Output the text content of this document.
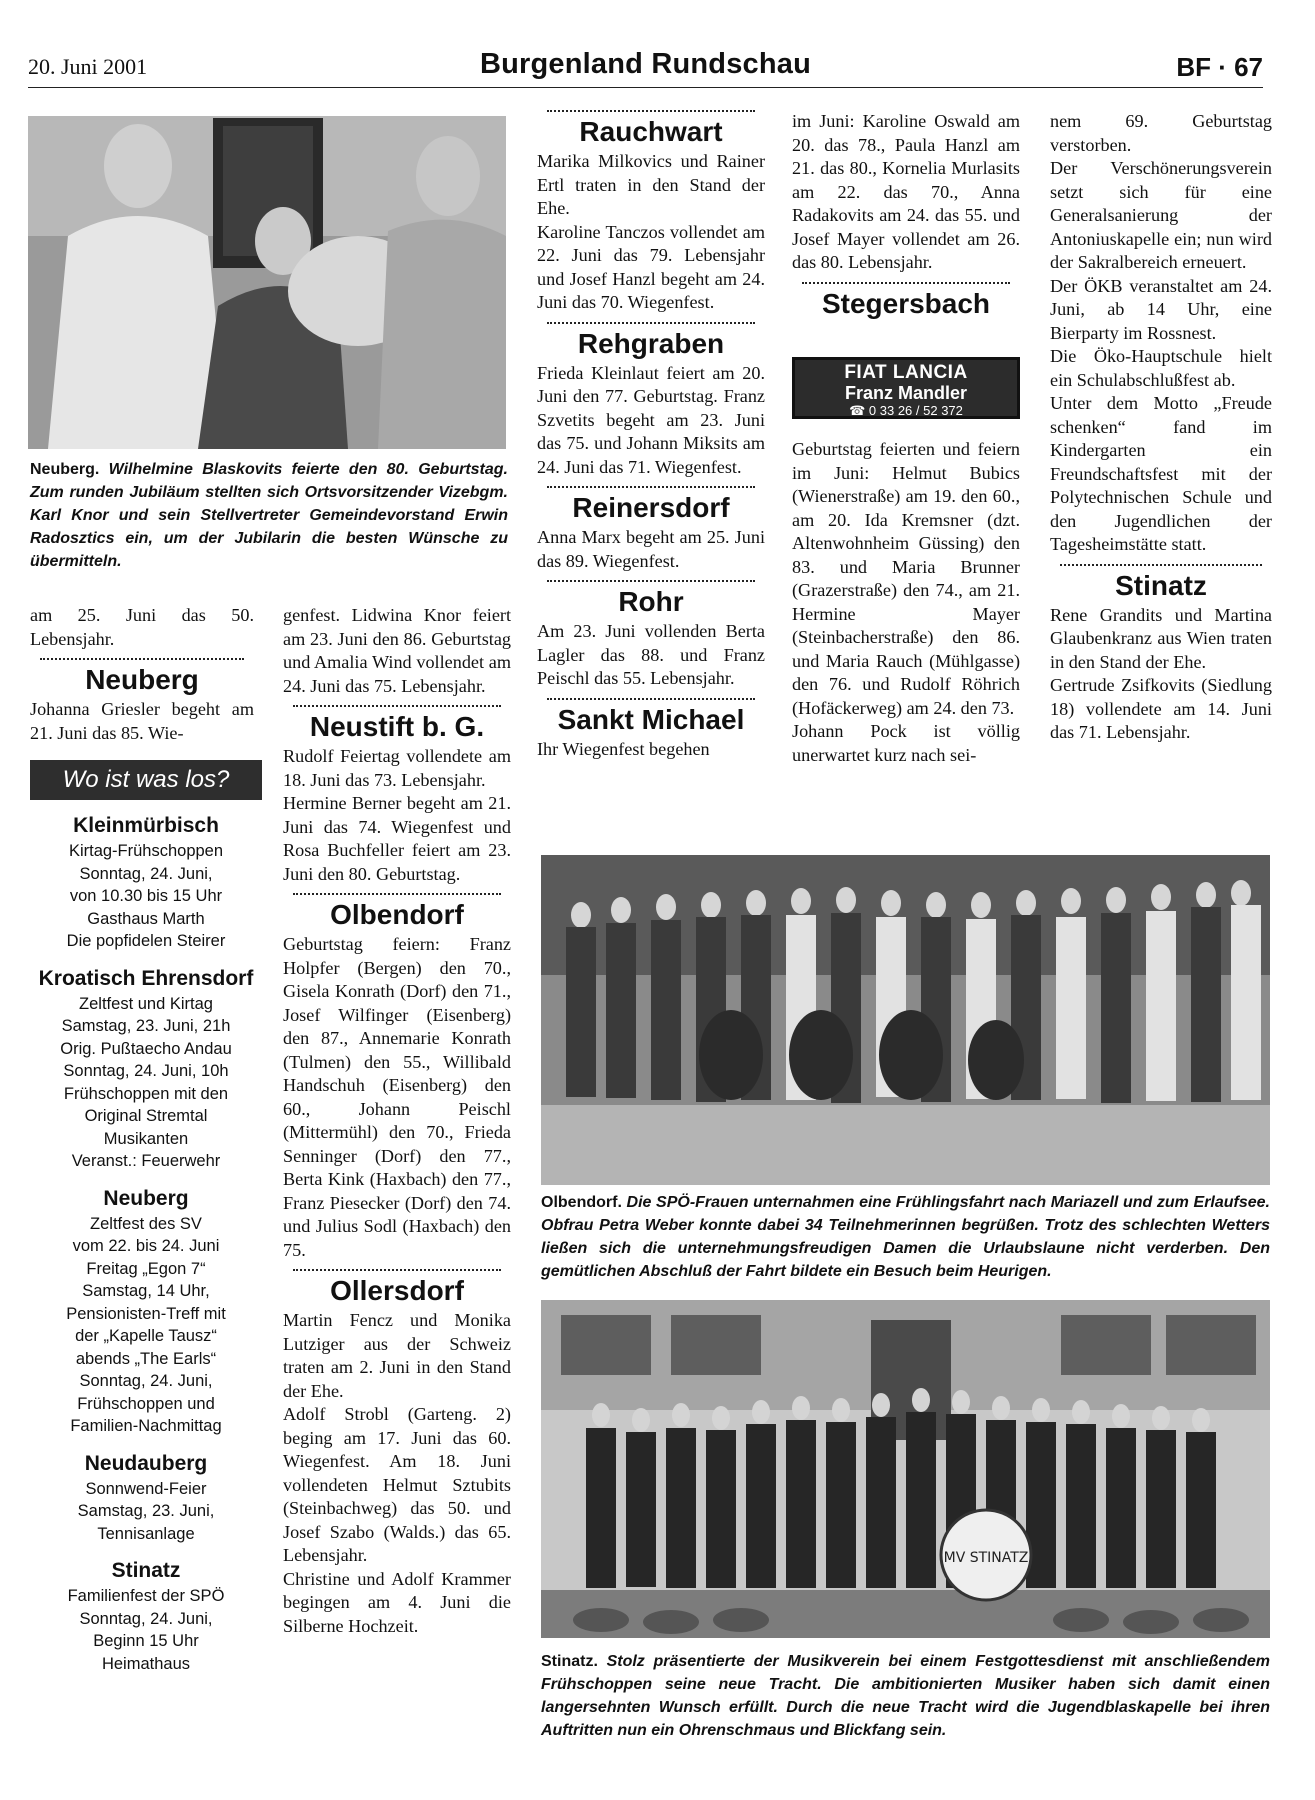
20. Juni 2001	Burgenland Rundschau	BF · 67
Neuberg. Wilhelmine Blaskovits feierte den 80. Geburtstag. Zum runden Jubiläum stellten sich Ortsvorsitzender Vizebgm. Karl Knor und sein Stellvertreter Gemeindevorstand Erwin Radosztics ein, um der Jubilarin die besten Wünsche zu übermitteln.

am 25. Juni das 50. Lebensjahr.

Neuberg

Johanna Griesler begeht am 21. Juni das 85. Wie-

Wo ist was los?
Kleinmürbisch
Kirtag-Frühschoppen
Sonntag, 24. Juni,
von 10.30 bis 15 Uhr
Gasthaus Marth
Die popfidelen Steirer
Kroatisch Ehrensdorf
Zeltfest und Kirtag
Samstag, 23. Juni, 21h
Orig. Pußtaecho Andau
Sonntag, 24. Juni, 10h
Frühschoppen mit den
Original Stremtal
Musikanten
Veranst.: Feuerwehr
Neuberg
Zeltfest des SV
vom 22. bis 24. Juni
Freitag „Egon 7“
Samstag, 14 Uhr,
Pensionisten-Treff mit
der „Kapelle Tausz“
abends „The Earls“
Sonntag, 24. Juni,
Frühschoppen und
Familien-Nachmittag
Neudauberg
Sonnwend-Feier
Samstag, 23. Juni,
Tennisanlage
Stinatz
Familienfest der SPÖ
Sonntag, 24. Juni,
Beginn 15 Uhr
Heimathaus

genfest. Lidwina Knor feiert am 23. Juni den 86. Geburtstag und Amalia Wind vollendet am 24. Juni das 75. Lebensjahr.

Neustift b. G.

Rudolf Feiertag vollendete am 18. Juni das 73. Lebensjahr.

Hermine Berner begeht am 21. Juni das 74. Wiegenfest und Rosa Buchfeller feiert am 23. Juni den 80. Geburtstag.

Olbendorf

Geburtstag feiern: Franz Holpfer (Bergen) den 70., Gisela Konrath (Dorf) den 71., Josef Wilfinger (Eisenberg) den 87., Annemarie Konrath (Tulmen) den 55., Willibald Handschuh (Eisenberg) den 60., Johann Peischl (Mittermühl) den 70., Frieda Senninger (Dorf) den 77., Berta Kink (Haxbach) den 77., Franz Piesecker (Dorf) den 74. und Julius Sodl (Haxbach) den 75.

Ollersdorf

Martin Fencz und Monika Lutziger aus der Schweiz traten am 2. Juni in den Stand der Ehe.

Adolf Strobl (Garteng. 2) beging am 17. Juni das 60. Wiegenfest. Am 18. Juni vollendeten Helmut Sztubits (Steinbachweg) das 50. und Josef Szabo (Walds.) das 65. Lebensjahr.

Christine und Adolf Krammer begingen am 4. Juni die Silberne Hochzeit.

Rauchwart

Marika Milkovics und Rainer Ertl traten in den Stand der Ehe.

Karoline Tanczos vollendet am 22. Juni das 79. Lebensjahr und Josef Hanzl begeht am 24. Juni das 70. Wiegenfest.

Rehgraben

Frieda Kleinlaut feiert am 20. Juni den 77. Geburtstag. Franz Szvetits begeht am 23. Juni das 75. und Johann Miksits am 24. Juni das 71. Wiegenfest.

Reinersdorf

Anna Marx begeht am 25. Juni das 89. Wiegenfest.

Rohr

Am 23. Juni vollenden Berta Lagler das 88. und Franz Peischl das 55. Lebensjahr.

Sankt Michael

Ihr Wiegenfest begehen

im Juni: Karoline Oswald am 20. das 78., Paula Hanzl am 21. das 80., Kornelia Murlasits am 22. das 70., Anna Radakovits am 24. das 55. und Josef Mayer vollendet am 26. das 80. Lebensjahr.

Stegersbach
FIAT LANCIA
Franz Mandler
☎ 0 33 26 / 52 372

Geburtstag feierten und feiern im Juni: Helmut Bubics (Wienerstraße) am 19. den 60., am 20. Ida Kremsner (dzt. Altenwohnheim Güssing) den 83. und Maria Brunner (Grazerstraße) den 74., am 21. Hermine Mayer (Steinbacherstraße) den 86. und Maria Rauch (Mühlgasse) den 76. und Rudolf Röhrich (Hofäckerweg) am 24. den 73.

Johann Pock ist völlig unerwartet kurz nach sei-

nem 69. Geburtstag verstorben.

Der Verschönerungsverein setzt sich für eine Generalsanierung der Antoniuskapelle ein; nun wird der Sakralbereich erneuert.

Der ÖKB veranstaltet am 24. Juni, ab 14 Uhr, eine Bierparty im Rossnest.

Die Öko-Hauptschule hielt ein Schulabschlußfest ab.

Unter dem Motto „Freude schenken“ fand im Kindergarten ein Freundschaftsfest mit der Polytechnischen Schule und den Jugendlichen der Tagesheimstätte statt.

Stinatz

Rene Grandits und Martina Glaubenkranz aus Wien traten in den Stand der Ehe.

Gertrude Zsifkovits (Siedlung 18) vollendete am 14. Juni das 71. Lebensjahr.

Olbendorf. Die SPÖ-Frauen unternahmen eine Frühlingsfahrt nach Mariazell und zum Erlaufsee. Obfrau Petra Weber konnte dabei 34 Teilnehmerinnen begrüßen. Trotz des schlechten Wetters ließen sich die unternehmungsfreudigen Damen die Urlaubslaune nicht verderben. Den gemütlichen Abschluß der Fahrt bildete ein Besuch beim Heurigen.
MV STINATZ
Stinatz. Stolz präsentierte der Musikverein bei einem Festgottesdienst mit anschließendem Frühschoppen seine neue Tracht. Die ambitionierten Musiker haben sich damit einen langersehnten Wunsch erfüllt. Durch die neue Tracht wird die Jugendblaskapelle bei ihren Auftritten nun ein Ohrenschmaus und Blickfang sein.
